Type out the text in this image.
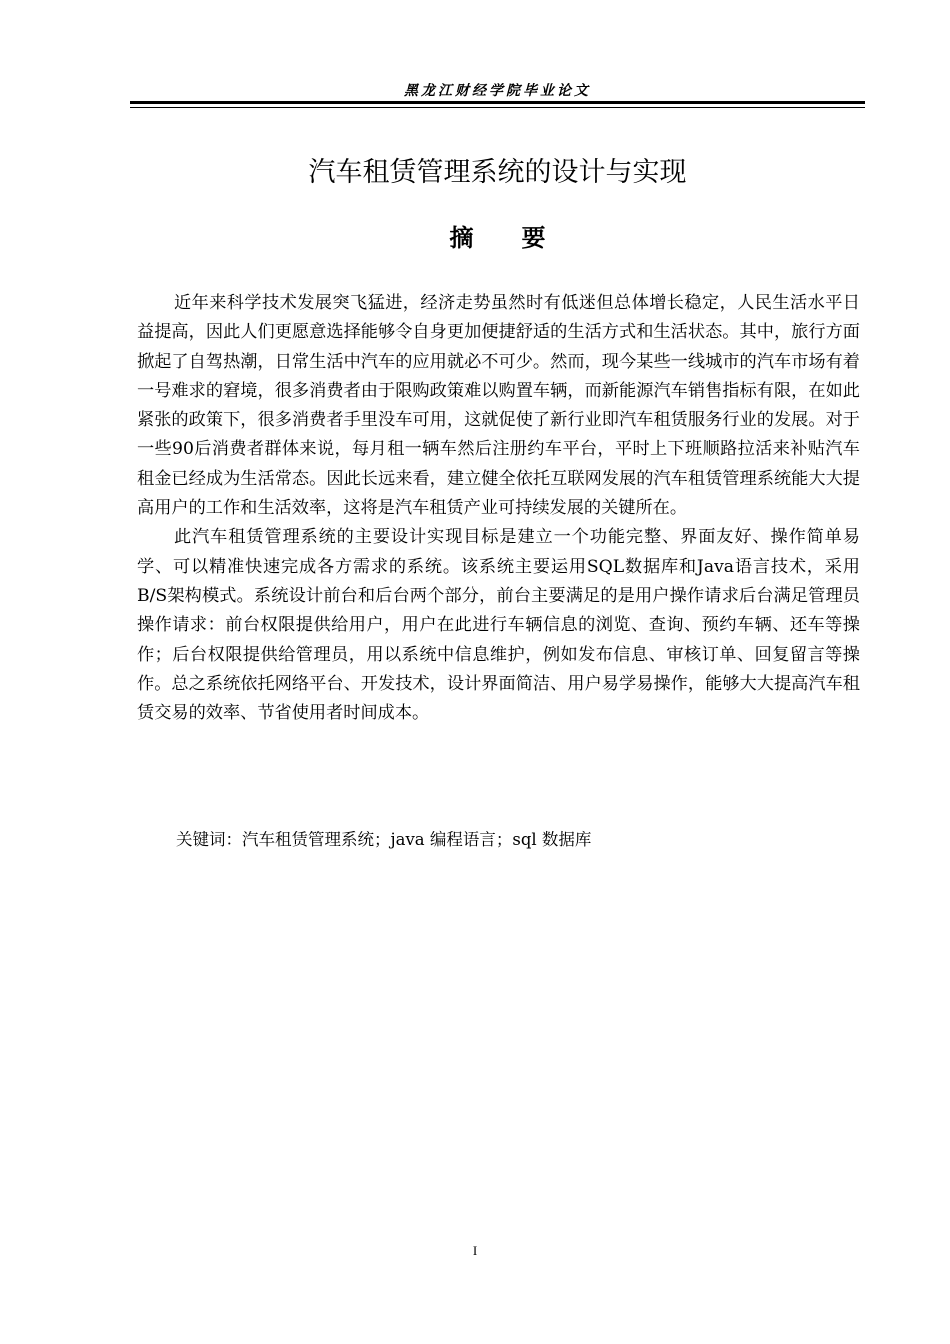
黑龙江财经学院毕业论文
汽车租赁管理系统的设计与实现
摘 要

近年来科学技术发展突飞猛进，经济走势虽然时有低迷但总体增长稳定，人民生活水平日益提高，因此人们更愿意选择能够令自身更加便捷舒适的生活方式和生活状态。其中，旅行方面掀起了自驾热潮，日常生活中汽车的应用就必不可少。然而，现今某些一线城市的汽车市场有着一号难求的窘境，很多消费者由于限购政策难以购置车辆，而新能源汽车销售指标有限，在如此紧张的政策下，很多消费者手里没车可用，这就促使了新行业即汽车租赁服务行业的发展。对于一些90后消费者群体来说，每月租一辆车然后注册约车平台，平时上下班顺路拉活来补贴汽车租金已经成为生活常态。因此长远来看，建立健全依托互联网发展的汽车租赁管理系统能大大提高用户的工作和生活效率，这将是汽车租赁产业可持续发展的关键所在。

此汽车租赁管理系统的主要设计实现目标是建立一个功能完整、界面友好、操作简单易学、可以精准快速完成各方需求的系统。该系统主要运用SQL数据库和Java语言技术，采用B/S架构模式。系统设计前台和后台两个部分，前台主要满足的是用户操作请求后台满足管理员操作请求：前台权限提供给用户，用户在此进行车辆信息的浏览、查询、预约车辆、还车等操作；后台权限提供给管理员，用以系统中信息维护，例如发布信息、审核订单、回复留言等操作。总之系统依托网络平台、开发技术，设计界面简洁、用户易学易操作，能够大大提高汽车租赁交易的效率、节省使用者时间成本。

关键词：汽车租赁管理系统；java 编程语言；sql 数据库
I
